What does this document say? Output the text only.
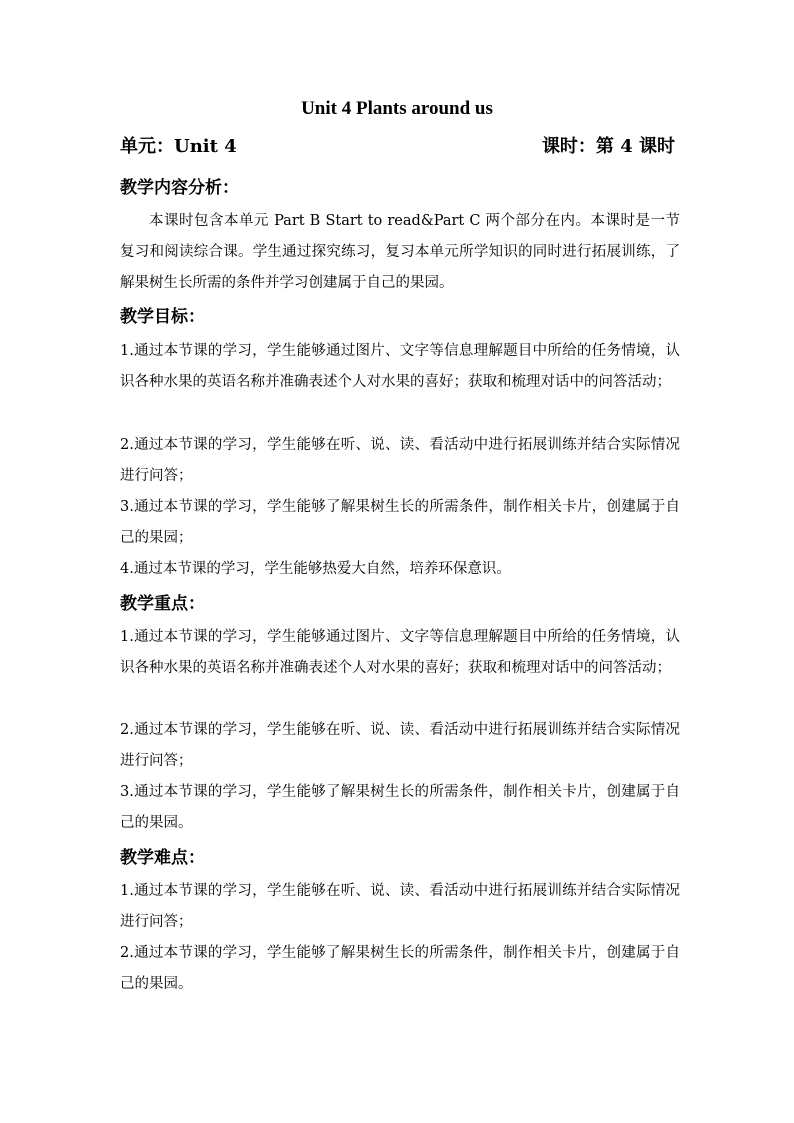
Unit 4 Plants around us
单元：Unit 4	课时：第 4 课时
教学内容分析：

本课时包含本单元 Part B Start to read&Part C 两个部分在内。本课时是一节复习和阅读综合课。学生通过探究练习，复习本单元所学知识的同时进行拓展训练，了解果树生长所需的条件并学习创建属于自己的果园。

教学目标：

1.通过本节课的学习，学生能够通过图片、文字等信息理解题目中所给的任务情境，认识各种水果的英语名称并准确表述个人对水果的喜好；获取和梳理对话中的问答活动；

2.通过本节课的学习，学生能够在听、说、读、看活动中进行拓展训练并结合实际情况进行问答；

3.通过本节课的学习，学生能够了解果树生长的所需条件，制作相关卡片，创建属于自己的果园；

4.通过本节课的学习，学生能够热爱大自然，培养环保意识。

教学重点：

1.通过本节课的学习，学生能够通过图片、文字等信息理解题目中所给的任务情境，认识各种水果的英语名称并准确表述个人对水果的喜好；获取和梳理对话中的问答活动；

2.通过本节课的学习，学生能够在听、说、读、看活动中进行拓展训练并结合实际情况进行问答；

3.通过本节课的学习，学生能够了解果树生长的所需条件，制作相关卡片，创建属于自己的果园。

教学难点：

1.通过本节课的学习，学生能够在听、说、读、看活动中进行拓展训练并结合实际情况进行问答；

2.通过本节课的学习，学生能够了解果树生长的所需条件，制作相关卡片，创建属于自己的果园。
